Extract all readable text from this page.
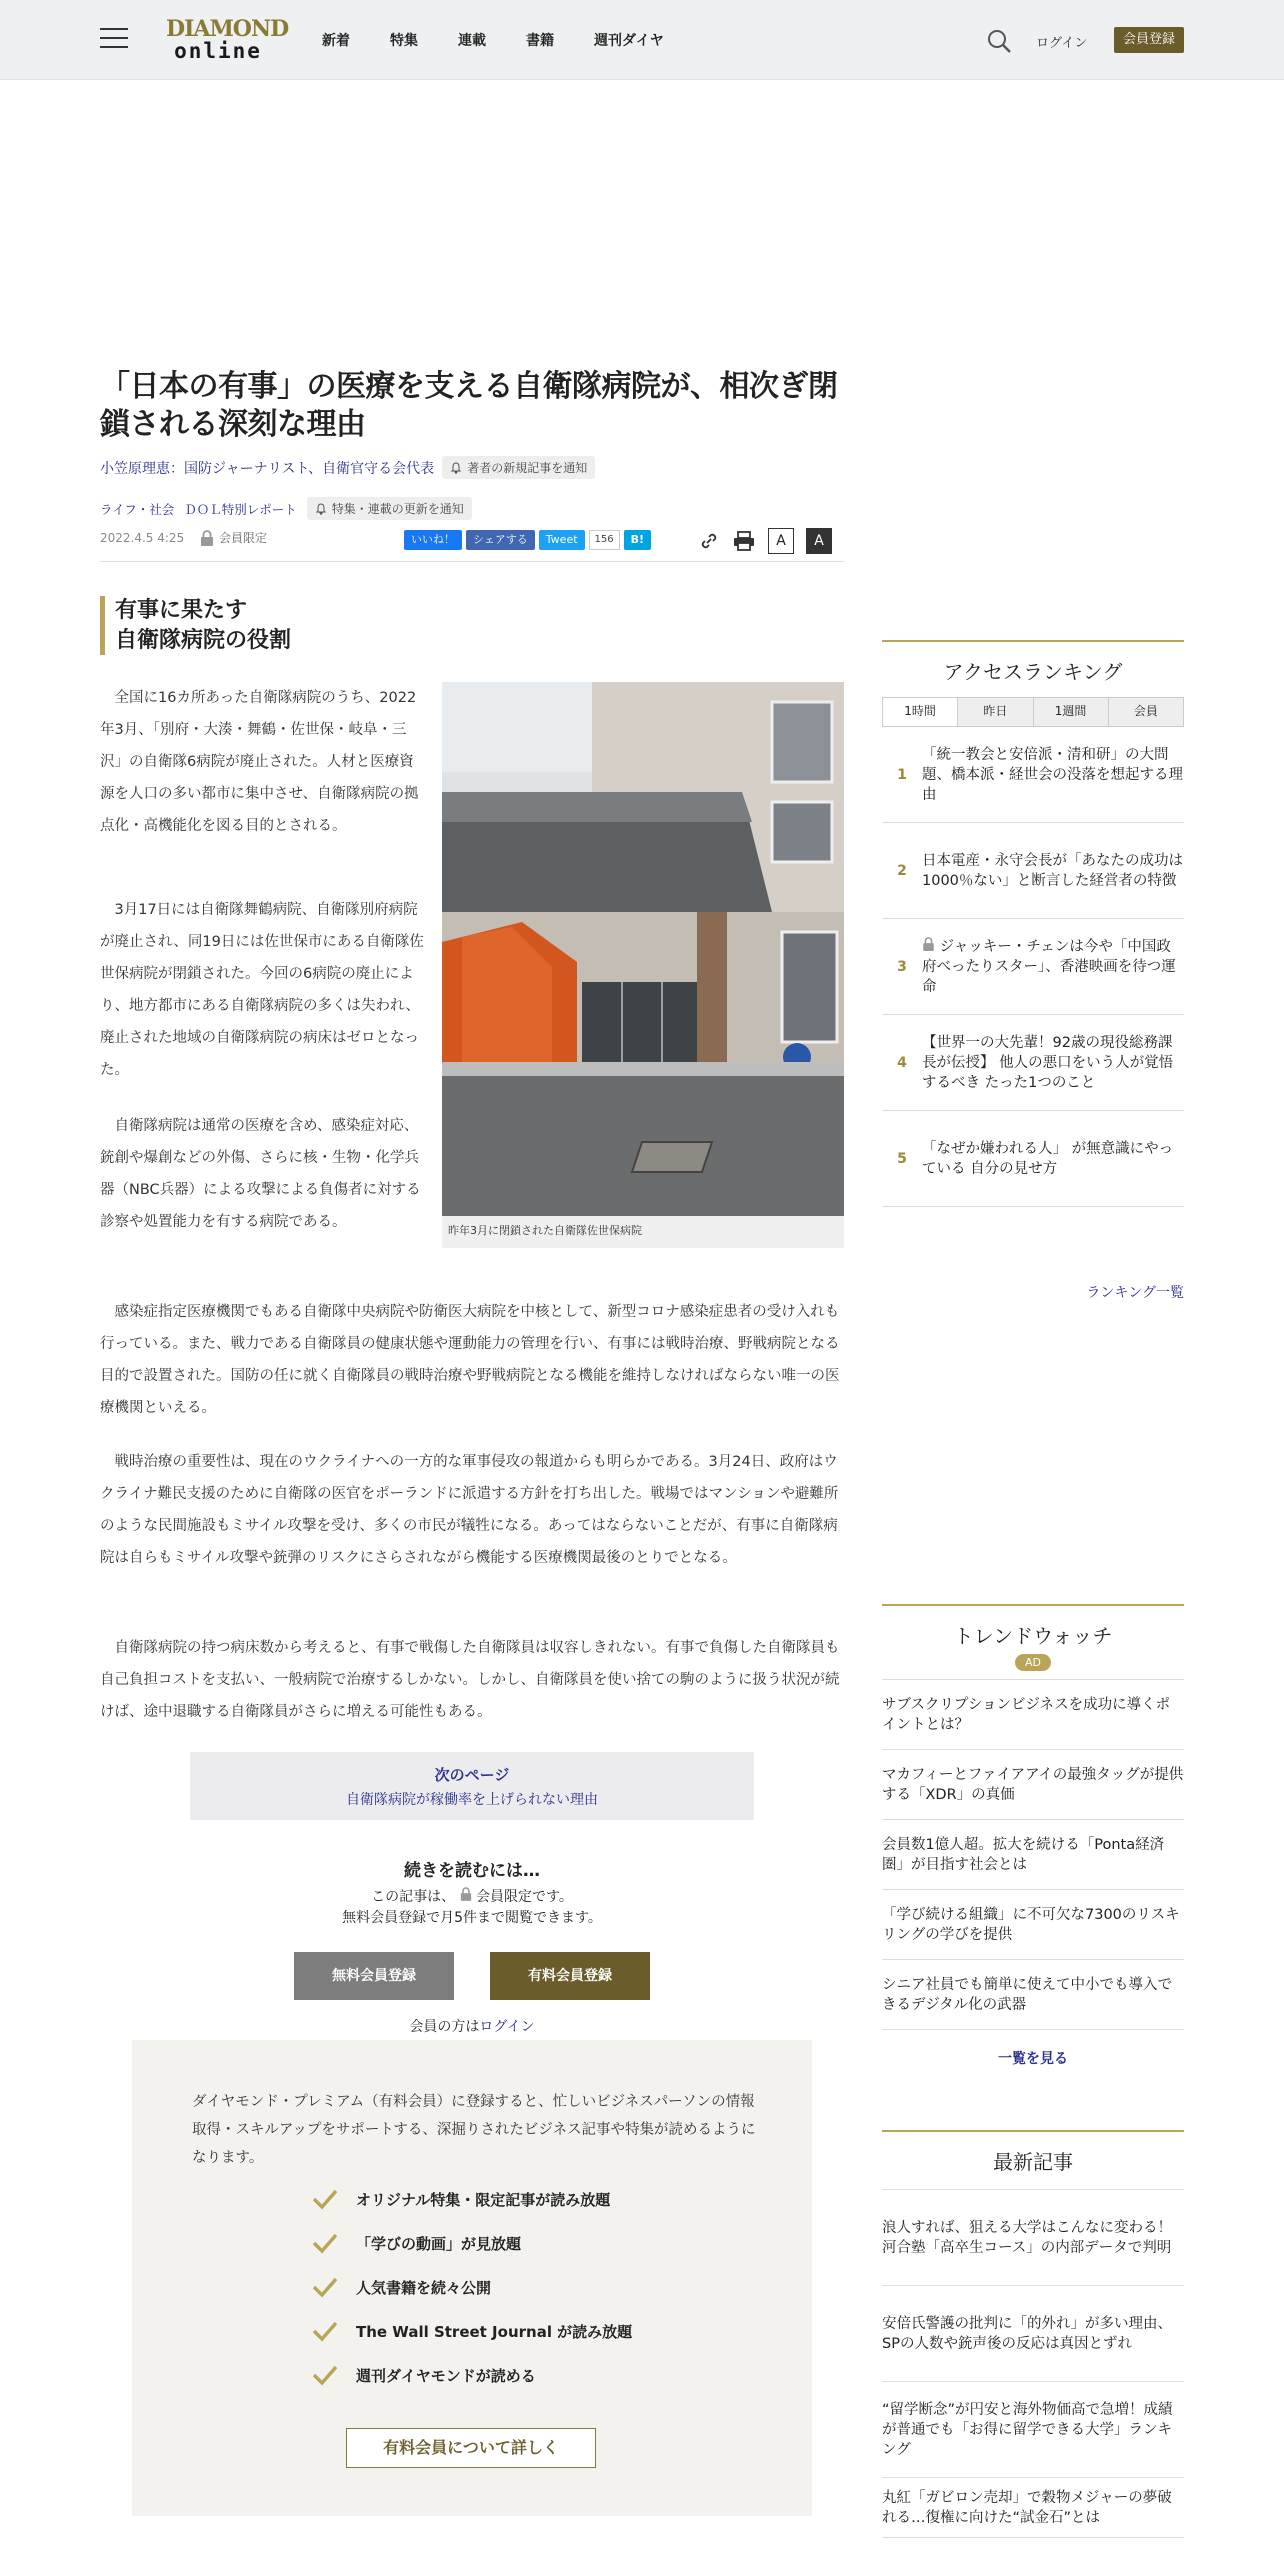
DIAMOND
online	新着	特集	連載	書籍	週刊ダイヤ	ログイン	会員登録
「日本の有事」の医療を支える自衛隊病院が、相次ぎ閉鎖される深刻な理由
小笠原理恵：国防ジャーナリスト、自衛官守る会代表	著者の新規記事を通知
ライフ・社会 ＤＯＬ特別レポート	特集・連載の更新を通知
2022.4.5 4:25	会員限定	いいね！	シェアする	Tweet	156	B!	A	A
有事に果たす
自衛隊病院の役割
昨年3月に閉鎖された自衛隊佐世保病院

全国に16カ所あった自衛隊病院のうち、2022年3月、「別府・大湊・舞鶴・佐世保・岐阜・三沢」の自衛隊6病院が廃止された。人材と医療資源を人口の多い都市に集中させ、自衛隊病院の拠点化・高機能化を図る目的とされる。

3月17日には自衛隊舞鶴病院、自衛隊別府病院が廃止され、同19日には佐世保市にある自衛隊佐世保病院が閉鎖された。今回の6病院の廃止により、地方都市にある自衛隊病院の多くは失われ、廃止された地域の自衛隊病院の病床はゼロとなった。

自衛隊病院は通常の医療を含め、感染症対応、銃創や爆創などの外傷、さらに核・生物・化学兵器（NBC兵器）による攻撃による負傷者に対する診察や処置能力を有する病院である。

感染症指定医療機関でもある自衛隊中央病院や防衛医大病院を中核として、新型コロナ感染症患者の受け入れも行っている。また、戦力である自衛隊員の健康状態や運動能力の管理を行い、有事には戦時治療、野戦病院となる目的で設置された。国防の任に就く自衛隊員の戦時治療や野戦病院となる機能を維持しなければならない唯一の医療機関といえる。

戦時治療の重要性は、現在のウクライナへの一方的な軍事侵攻の報道からも明らかである。3月24日、政府はウクライナ難民支援のために自衛隊の医官をポーランドに派遣する方針を打ち出した。戦場ではマンションや避難所のような民間施設もミサイル攻撃を受け、多くの市民が犠牲になる。あってはならないことだが、有事に自衛隊病院は自らもミサイル攻撃や銃弾のリスクにさらされながら機能する医療機関最後のとりでとなる。

自衛隊病院の持つ病床数から考えると、有事で戦傷した自衛隊員は収容しきれない。有事で負傷した自衛隊員も自己負担コストを支払い、一般病院で治療するしかない。しかし、自衛隊員を使い捨ての駒のように扱う状況が続けば、途中退職する自衛隊員がさらに増える可能性もある。

次のページ
自衛隊病院が稼働率を上げられない理由
続きを読むには…
この記事は、 会員限定です。
無料会員登録で月5件まで閲覧できます。
無料会員登録	有料会員登録
会員の方はログイン

ダイヤモンド・プレミアム（有料会員）に登録すると、忙しいビジネスパーソンの情報取得・スキルアップをサポートする、深掘りされたビジネス記事や特集が読めるようになります。

オリジナル特集・限定記事が読み放題
「学びの動画」が見放題
人気書籍を続々公開
The Wall Street Journal が読み放題
週刊ダイヤモンドが読める
有料会員について詳しく
アクセスランキング
1時間	昨日	1週間	会員
1
「統一教会と安倍派・清和研」の大問題、橋本派・経世会の没落を想起する理由
2
日本電産・永守会長が「あなたの成功は1000％ない」と断言した経営者の特徴
3
ジャッキー・チェンは今や「中国政府べったりスター」、香港映画を待つ運命
4
【世界一の大先輩！92歳の現役総務課長が伝授】 他人の悪口をいう人が覚悟するべき たった1つのこと
5
「なぜか嫌われる人」 が無意識にやっている 自分の見せ方
ランキング一覧
トレンドウォッチ
AD
サブスクリプションビジネスを成功に導くポイントとは？
マカフィーとファイアアイの最強タッグが提供する「XDR」の真価
会員数1億人超。拡大を続ける「Ponta経済圏」が目指す社会とは
「学び続ける組織」に不可欠な7300のリスキリングの学びを提供
シニア社員でも簡単に使えて中小でも導入できるデジタル化の武器
一覧を見る
最新記事
浪人すれば、狙える大学はこんなに変わる！河合塾「高卒生コース」の内部データで判明
安倍氏警護の批判に「的外れ」が多い理由、SPの人数や銃声後の反応は真因とずれ
“留学断念”が円安と海外物価高で急増！成績が普通でも「お得に留学できる大学」ランキング
丸紅「ガビロン売却」で穀物メジャーの夢破れる…復権に向けた“試金石”とは
